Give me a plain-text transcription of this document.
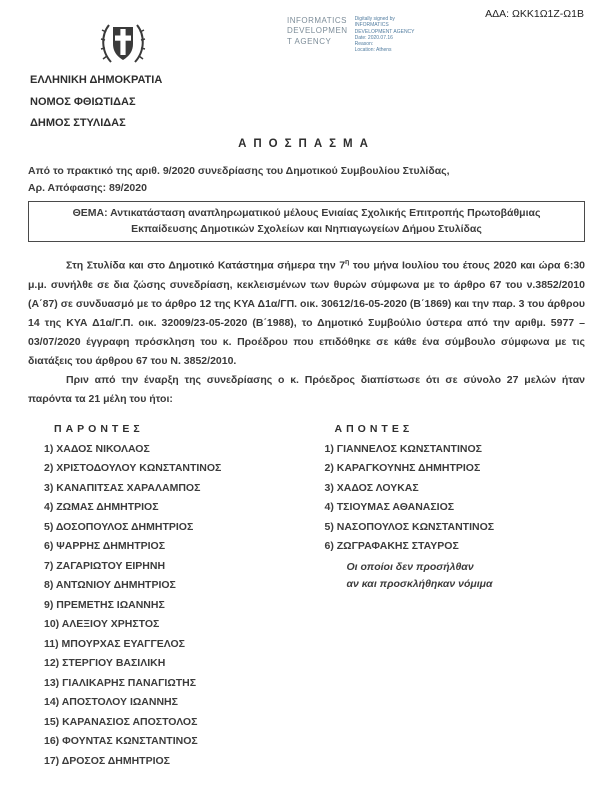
ΑΔΑ: ΩΚΚ1Ω1Ζ-Ω1Β
INFORMATICS
DEVELOPMEN
T AGENCY
Digitally signed by
INFORMATICS
DEVELOPMENT AGENCY
Date: 2020.07.16
Reason:
Location: Athens
ΕΛΛΗΝΙΚΗ ΔΗΜΟΚΡΑΤΙΑ
ΝΟΜΟΣ ΦΘΙΩΤΙΔΑΣ
ΔΗΜΟΣ ΣΤΥΛΙΔΑΣ
ΑΠΟΣΠΑΣΜΑ
Από το πρακτικό της αριθ. 9/2020 συνεδρίασης του Δημοτικού Συμβουλίου Στυλίδας,
Αρ. Απόφασης: 89/2020
ΘΕΜΑ: Αντικατάσταση αναπληρωματικού μέλους Ενιαίας Σχολικής Επιτροπής Πρωτοβάθμιας Εκπαίδευσης Δημοτικών Σχολείων και Νηπιαγωγείων Δήμου Στυλίδας

Στη Στυλίδα και στο Δημοτικό Κατάστημα σήμερα την $7^\eta$ του μήνα Ιουλίου του έτους 2020 και ώρα 6:30 μ.μ. συνήλθε σε δια ζώσης συνεδρίαση, κεκλεισμένων των θυρών σύμφωνα με το άρθρο 67 του ν.3852/2010 (Α΄87) σε συνδυασμό με το άρθρο 12 της ΚΥΑ Δ1α/ΓΠ. οικ. 30612/16-05-2020 (Β΄1869) και την παρ. 3 του άρθρου 14 της ΚΥΑ Δ1α/Γ.Π. οικ. 32009/23-05-2020 (Β΄1988), το Δημοτικό Συμβούλιο ύστερα από την αριθμ. 5977 – 03/07/2020 έγγραφη πρόσκληση του κ. Προέδρου που επιδόθηκε σε κάθε ένα σύμβουλο σύμφωνα με τις διατάξεις του άρθρου 67 του Ν. 3852/2010.

Πριν από την έναρξη της συνεδρίασης ο κ. Πρόεδρος διαπίστωσε ότι σε σύνολο 27 μελών ήταν παρόντα τα 21 μέλη του ήτοι:

ΠΑΡΟΝΤΕΣ
1) ΧΑΔΟΣ ΝΙΚΟΛΑΟΣ
2) ΧΡΙΣΤΟΔΟΥΛΟΥ ΚΩΝΣΤΑΝΤΙΝΟΣ
3) ΚΑΝΑΠΙΤΣΑΣ ΧΑΡΑΛΑΜΠΟΣ
4) ΖΩΜΑΣ ΔΗΜΗΤΡΙΟΣ
5) ΔΟΣΟΠΟΥΛΟΣ ΔΗΜΗΤΡΙΟΣ
6) ΨΑΡΡΗΣ ΔΗΜΗΤΡΙΟΣ
7) ΖΑΓΑΡΙΩΤΟΥ ΕΙΡΗΝΗ
8) ΑΝΤΩΝΙΟΥ ΔΗΜΗΤΡΙΟΣ
9) ΠΡΕΜΕΤΗΣ ΙΩΑΝΝΗΣ
10) ΑΛΕΞΙΟΥ ΧΡΗΣΤΟΣ
11) ΜΠΟΥΡΧΑΣ ΕΥΑΓΓΕΛΟΣ
12) ΣΤΕΡΓΙΟΥ ΒΑΣΙΛΙΚΗ
13) ΓΙΑΛΙΚΑΡΗΣ ΠΑΝΑΓΙΩΤΗΣ
14) ΑΠΟΣΤΟΛΟΥ ΙΩΑΝΝΗΣ
15) ΚΑΡΑΝΑΣΙΟΣ ΑΠΟΣΤΟΛΟΣ
16) ΦΟΥΝΤΑΣ ΚΩΝΣΤΑΝΤΙΝΟΣ
17) ΔΡΟΣΟΣ ΔΗΜΗΤΡΙΟΣ
ΑΠΟΝΤΕΣ
1) ΓΙΑΝΝΕΛΟΣ ΚΩΝΣΤΑΝΤΙΝΟΣ
2) ΚΑΡΑΓΚΟΥΝΗΣ ΔΗΜΗΤΡΙΟΣ
3) ΧΑΔΟΣ ΛΟΥΚΑΣ
4) ΤΣΙΟΥΜΑΣ ΑΘΑΝΑΣΙΟΣ
5) ΝΑΣΟΠΟΥΛΟΣ ΚΩΝΣΤΑΝΤΙΝΟΣ
6) ΖΩΓΡΑΦΑΚΗΣ ΣΤΑΥΡΟΣ
Οι οποίοι δεν προσήλθαν
αν και προσκλήθηκαν νόμιμα
